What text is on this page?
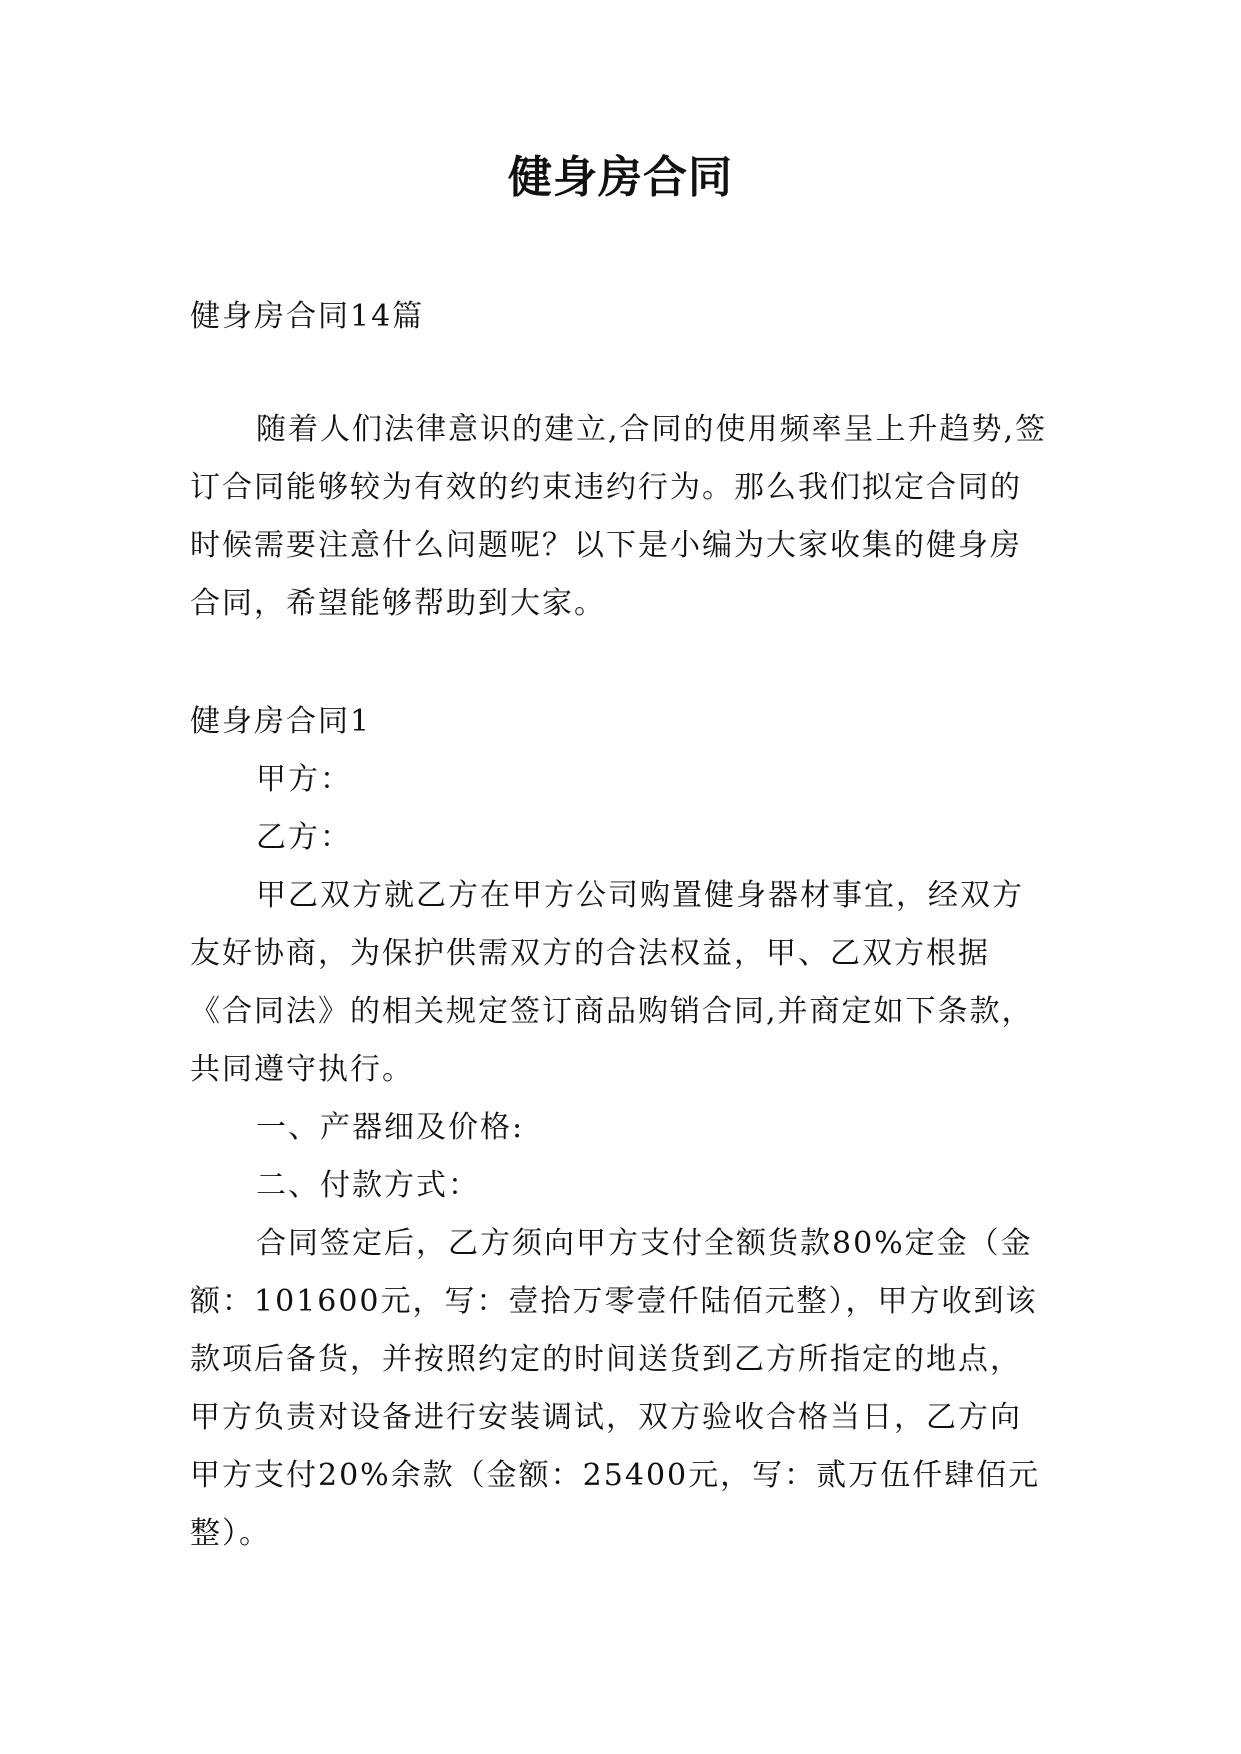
健身房合同

健身房合同14篇

随着人们法律意识的建立,合同的使用频率呈上升趋势,签订合同能够较为有效的约束违约行为。那么我们拟定合同的时候需要注意什么问题呢？以下是小编为大家收集的健身房合同，希望能够帮助到大家。

健身房合同1

甲方：

乙方：

甲乙双方就乙方在甲方公司购置健身器材事宜，经双方友好协商，为保护供需双方的合法权益，甲、乙双方根据《合同法》的相关规定签订商品购销合同,并商定如下条款，共同遵守执行。

一、产器细及价格:

二、付款方式：

合同签定后，乙方须向甲方支付全额货款80%定金（金额：101600元，写：壹拾万零壹仟陆佰元整），甲方收到该款项后备货，并按照约定的时间送货到乙方所指定的地点，甲方负责对设备进行安装调试，双方验收合格当日，乙方向甲方支付20%余款（金额：25400元，写：贰万伍仟肆佰元整）。
